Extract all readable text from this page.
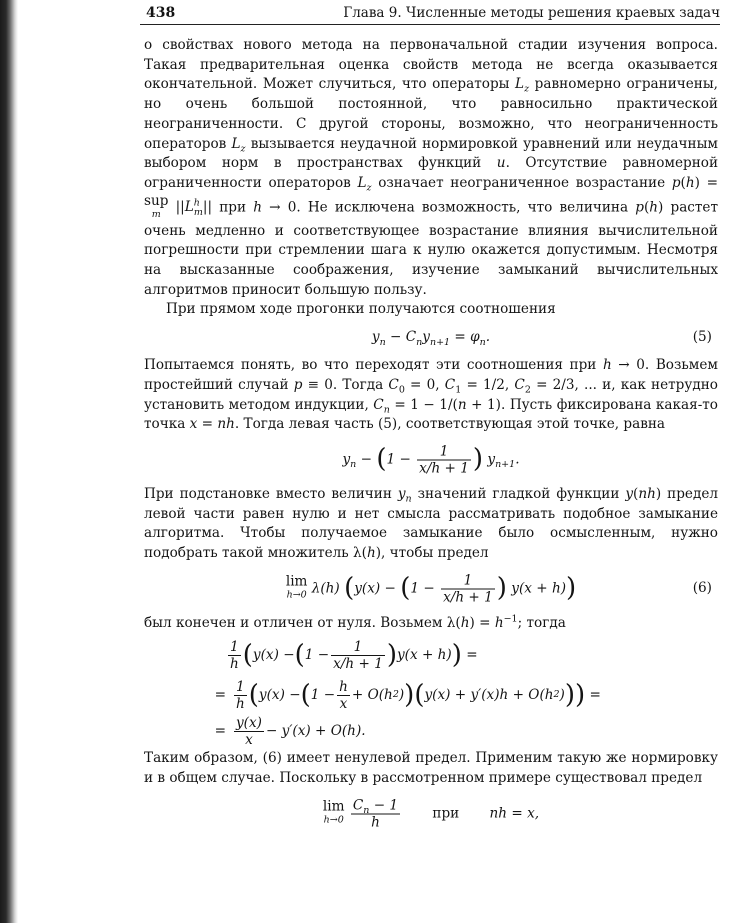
438	Глава 9. Численные методы решения краевых задач

о свойствах нового метода на первоначальной стадии изучения вопроса. Такая предварительная оценка свойств метода не всегда оказывается окончательной. Может случиться, что операторы $L_z$ равномерно ограничены, но очень большой постоянной, что равносильно практической неограниченности. С другой стороны, возможно, что неограниченность операторов $L_z$ вызывается неудачной нормировкой уравнений или неудачным выбором норм в пространствах функций u. Отсутствие равномерной ограниченности операторов $L_z$ означает неограниченное возрастание p(h) = sup
m $||L^h_m||$ при h → 0. Не исключена возможность, что величина p(h) растет очень медленно и соответствующее возрастание влияния вычислительной погрешности при стремлении шага к нулю окажется допустимым. Несмотря на высказанные соображения, изучение замыканий вычислительных алгоритмов приносит большую пользу.

При прямом ходе прогонки получаются соотношения

$y_n - C_ny_{n+1} = \varphi_n$.	(5)

Попытаемся понять, во что переходят эти соотношения при h → 0. Возьмем простейший случай p ≡ 0. Тогда $C_0 = 0$, $C_1 = 1/2$, $C_2 = 2/3$, ... и, как нетрудно установить методом индукции, $C_n = 1 - 1/(n + 1)$. Пусть фиксирована какая-то точка x = nh. Тогда левая часть (5), соответствующая этой точке, равна

$y_n - (1 - \frac{1}{x/h + 1}$ ) $y_{n+1}$.

При подстановке вместо величин $y_n$ значений гладкой функции y(nh) предел левой части равен нулю и нет смысла рассматривать подобное замыкание алгоритма. Чтобы получаемое замыкание было осмысленным, нужно подобрать такой множитель λ(h), чтобы предел

lim
h→0 λ(h) ($y(x) - (1 - \frac{1}{x/h + 1}$ ) y(x + h))	(6)

был конечен и отличен от нуля. Возьмем $\lambda(h) = h^{-1}$; тогда

$\frac{1}{h}$ ( y(x) − ( $1 - \frac{1}{x/h + 1}$ ) y(x + h) ) =
= $\frac{1}{h}$ ( y(x) − ( $1 - \frac{h}{x} + O(h$ 2 ) ) ( y(x) + y′(x)h + O(h 2 ) ) ) =
= $\frac{y(x)}{x} - y'(x) + O(h)$.

Таким образом, (6) имеет ненулевой предел. Применим такую же нормировку и в общем случае. Поскольку в рассмотренном примере существовал предел

lim
h→0
$\frac{C_n - 1}{h}$ при nh = x,
